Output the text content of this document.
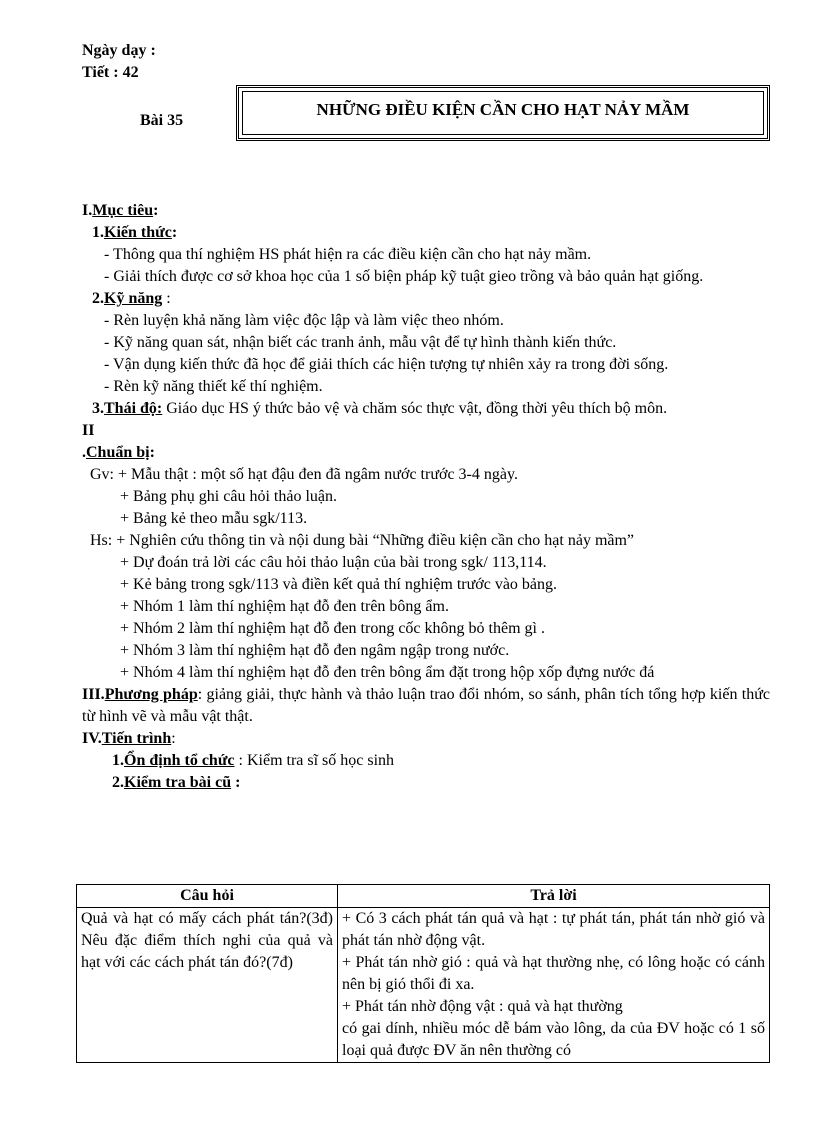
Ngày dạy :
Tiết : 42
Bài 35
NHỮNG ĐIỀU KIỆN CẦN CHO HẠT NẢY MẦM
I.Mục tiêu:
1.Kiến thức:
- Thông qua thí nghiệm HS phát hiện ra các điều kiện cần cho hạt nảy mầm.
- Giải thích được cơ sở khoa học của 1 số biện pháp kỹ tuật gieo trồng và bảo quản hạt giống.
2.Kỹ năng :
- Rèn luyện khả năng làm việc độc lập và làm việc theo nhóm.
- Kỹ năng quan sát, nhận biết các tranh ảnh, mẫu vật để tự hình thành kiến thức.
- Vận dụng kiến thức đã học để giải thích các hiện tượng tự nhiên xảy ra trong đời sống.
- Rèn kỹ năng thiết kế thí nghiệm.
3.Thái độ: Giáo dục HS ý thức bảo vệ và chăm sóc thực vật, đồng thời yêu thích bộ môn.
II
.Chuẩn bị:
Gv: + Mẫu thật : một số hạt đậu đen đã ngâm nước trước 3-4 ngày.
+ Bảng phụ ghi câu hỏi thảo luận.
+ Bảng kẻ theo mẫu sgk/113.
Hs: + Nghiên cứu thông tin và nội dung bài “Những điều kiện cần cho hạt nảy mầm”
+ Dự đoán trả lời các câu hỏi thảo luận của bài trong sgk/ 113,114.
+ Kẻ bảng trong sgk/113 và điền kết quả thí nghiệm trước vào bảng.
+ Nhóm 1 làm thí nghiệm hạt đỗ đen trên bông ẩm.
+ Nhóm 2 làm thí nghiệm hạt đỗ đen trong cốc không bỏ thêm gì .
+ Nhóm 3 làm thí nghiệm hạt đỗ đen ngâm ngập trong nước.
+ Nhóm 4 làm thí nghiệm hạt đỗ đen trên bông ẩm đặt trong hộp xốp đựng nước đá
III.Phương pháp: giảng giải, thực hành và thảo luận trao đổi nhóm, so sánh, phân tích tổng hợp kiến thức từ hình vẽ và mẫu vật thật.
IV.Tiến trình:
1.Ổn định tổ chức : Kiểm tra sĩ số học sinh
2.Kiểm tra bài cũ :
Câu hỏi	Trả lời
Quả và hạt có mấy cách phát tán?(3đ) Nêu đặc điểm thích nghi của quả và hạt với các cách phát tán đó?(7đ)	+ Có 3 cách phát tán quả và hạt : tự phát tán, phát tán nhờ gió và phát tán nhờ động vật.
+ Phát tán nhờ gió : quả và hạt thường nhẹ, có lông hoặc có cánh nên bị gió thổi đi xa.
+ Phát tán nhờ động vật : quả và hạt thường
có gai dính, nhiều móc dễ bám vào lông, da của ĐV hoặc có 1 số loại quả được ĐV ăn nên thường có
